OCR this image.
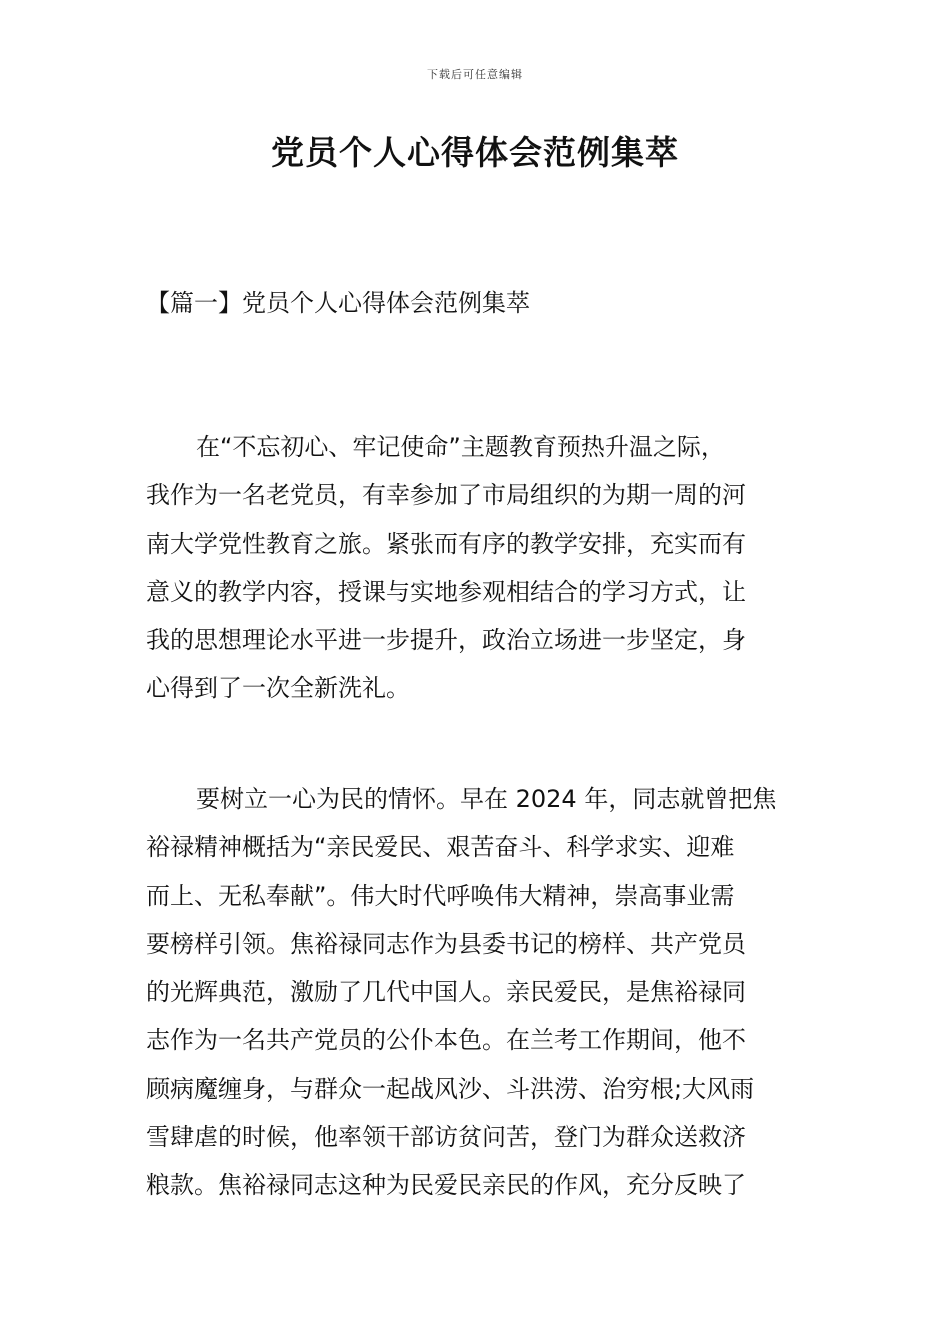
下载后可任意编辑
党员个人心得体会范例集萃
【篇一】党员个人心得体会范例集萃
在“不忘初心、牢记使命”主题教育预热升温之际，
我作为一名老党员，有幸参加了市局组织的为期一周的河
南大学党性教育之旅。紧张而有序的教学安排，充实而有
意义的教学内容，授课与实地参观相结合的学习方式，让
我的思想理论水平进一步提升，政治立场进一步坚定，身
心得到了一次全新洗礼。
要树立一心为民的情怀。早在 2024 年，同志就曾把焦
裕禄精神概括为“亲民爱民、艰苦奋斗、科学求实、迎难
而上、无私奉献”。伟大时代呼唤伟大精神，崇高事业需
要榜样引领。焦裕禄同志作为县委书记的榜样、共产党员
的光辉典范，激励了几代中国人。亲民爱民，是焦裕禄同
志作为一名共产党员的公仆本色。在兰考工作期间，他不
顾病魔缠身，与群众一起战风沙、斗洪涝、治穷根;大风雨
雪肆虐的时候，他率领干部访贫问苦，登门为群众送救济
粮款。焦裕禄同志这种为民爱民亲民的作风，充分反映了
